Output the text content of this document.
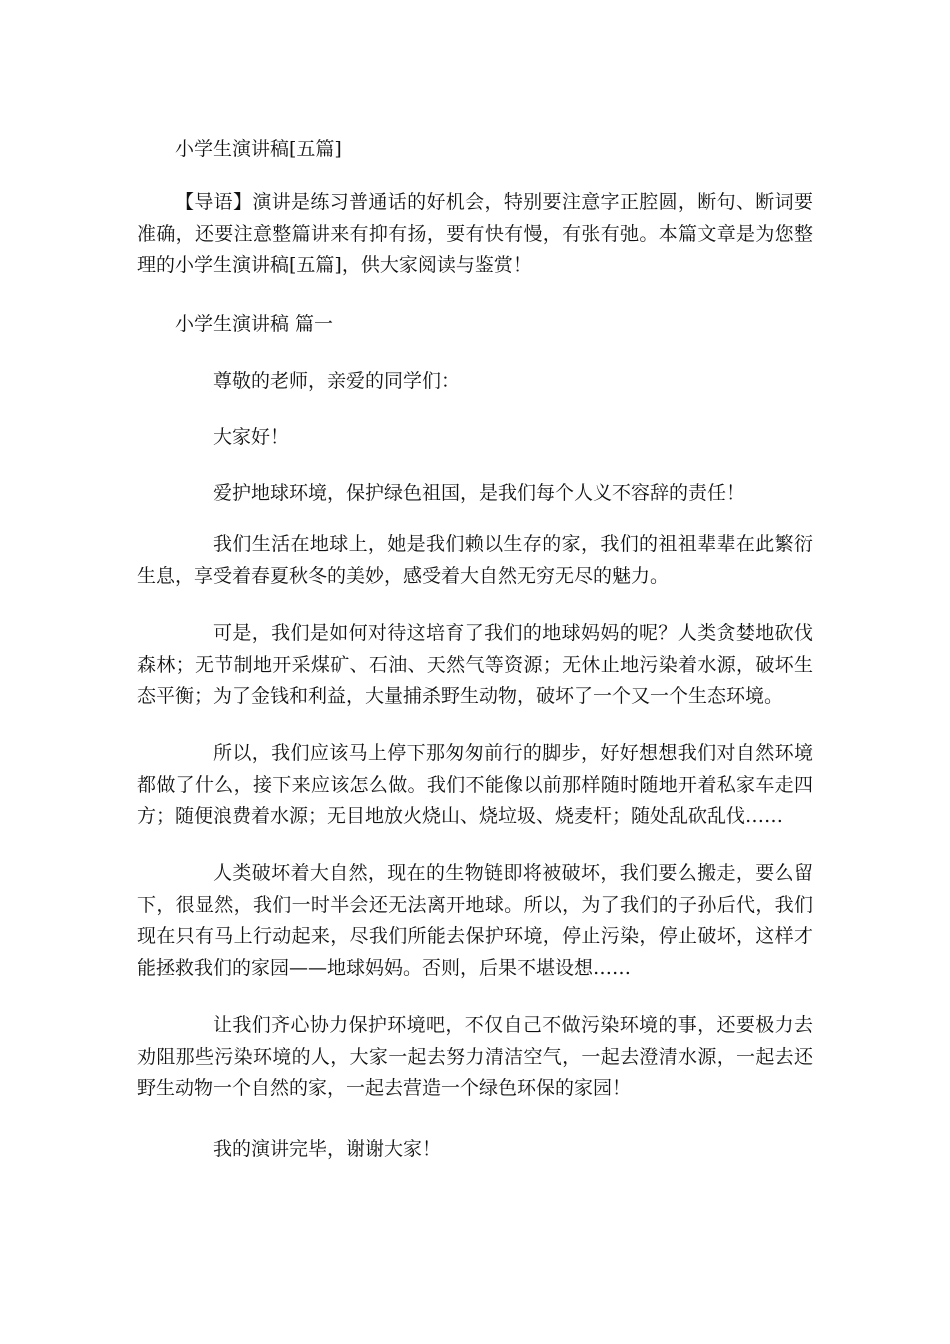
小学生演讲稿[五篇]

【导语】演讲是练习普通话的好机会，特别要注意字正腔圆，断句、断词要准确，还要注意整篇讲来有抑有扬，要有快有慢，有张有弛。本篇文章是为您整理的小学生演讲稿[五篇]，供大家阅读与鉴赏！

小学生演讲稿 篇一

尊敬的老师，亲爱的同学们：

大家好！

爱护地球环境，保护绿色祖国，是我们每个人义不容辞的责任！

我们生活在地球上，她是我们赖以生存的家，我们的祖祖辈辈在此繁衍生息，享受着春夏秋冬的美妙，感受着大自然无穷无尽的魅力。

可是，我们是如何对待这培育了我们的地球妈妈的呢？人类贪婪地砍伐森林；无节制地开采煤矿、石油、天然气等资源；无休止地污染着水源，破坏生态平衡；为了金钱和利益，大量捕杀野生动物，破坏了一个又一个生态环境。

所以，我们应该马上停下那匆匆前行的脚步，好好想想我们对自然环境都做了什么，接下来应该怎么做。我们不能像以前那样随时随地开着私家车走四方；随便浪费着水源；无目地放火烧山、烧垃圾、烧麦杆；随处乱砍乱伐……

人类破坏着大自然，现在的生物链即将被破坏，我们要么搬走，要么留下，很显然，我们一时半会还无法离开地球。所以，为了我们的子孙后代，我们现在只有马上行动起来，尽我们所能去保护环境，停止污染，停止破坏，这样才能拯救我们的家园——地球妈妈。否则，后果不堪设想……

让我们齐心协力保护环境吧，不仅自己不做污染环境的事，还要极力去劝阻那些污染环境的人，大家一起去努力清洁空气，一起去澄清水源，一起去还野生动物一个自然的家，一起去营造一个绿色环保的家园！

我的演讲完毕，谢谢大家！
